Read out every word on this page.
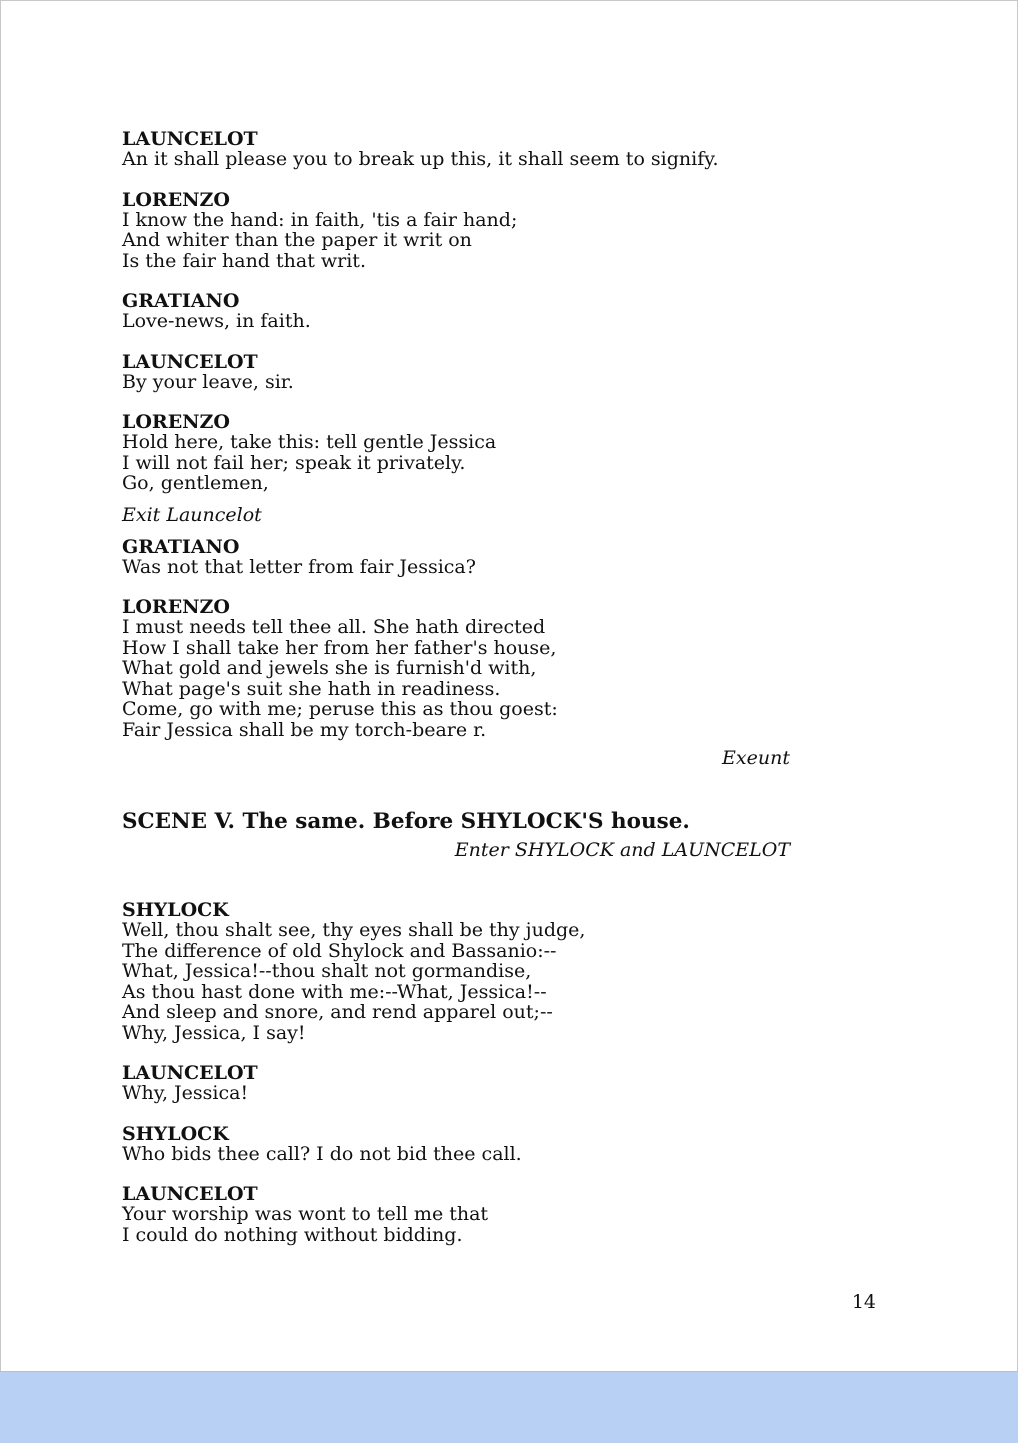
LAUNCELOT
An it shall please you to break up this, it shall seem to signify.
LORENZO
I know the hand: in faith, 'tis a fair hand;
And whiter than the paper it writ on
Is the fair hand that writ.
GRATIANO
Love-news, in faith.
LAUNCELOT
By your leave, sir.
LORENZO
Hold here, take this: tell gentle Jessica
I will not fail her; speak it privately.
Go, gentlemen,
Exit Launcelot
GRATIANO
Was not that letter from fair Jessica?
LORENZO
I must needs tell thee all. She hath directed
How I shall take her from her father's house,
What gold and jewels she is furnish'd with,
What page's suit she hath in readiness.
Come, go with me; peruse this as thou goest:
Fair Jessica shall be my torch-beare r.
Exeunt
SCENE V. The same. Before SHYLOCK'S house.
Enter SHYLOCK and LAUNCELOT
SHYLOCK
Well, thou shalt see, thy eyes shall be thy judge,
The difference of old Shylock and Bassanio:--
What, Jessica!--thou shalt not gormandise,
As thou hast done with me:--What, Jessica!--
And sleep and snore, and rend apparel out;--
Why, Jessica, I say!
LAUNCELOT
Why, Jessica!
SHYLOCK
Who bids thee call? I do not bid thee call.
LAUNCELOT
Your worship was wont to tell me that
I could do nothing without bidding.
14
